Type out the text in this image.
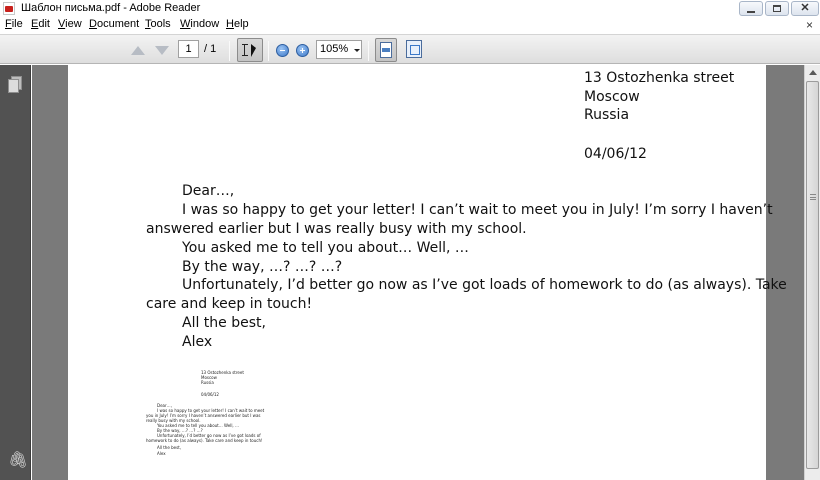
Шаблон письма.pdf - Adobe Reader	✕
File Edit View Document Tools Window Help	×
1	/ 1	105%
🖇
13 Ostozhenka street
Moscow
Russia
04/06/12
Dear…,
I was so happy to get your letter! I can’t wait to meet you in July! I’m sorry I haven’t
answered earlier but I was really busy with my school.
You asked me to tell you about… Well, …
By the way, …? …? …?
Unfortunately, I’d better go now as I’ve got loads of homework to do (as always). Take
care and keep in touch!
All the best,
Alex
13 Ostozhenka street
Moscow
Russia
04/06/12
Dear…,
I was so happy to get your letter! I can’t wait to meet
you in July! I’m sorry I haven’t answered earlier but I was
really busy with my school.
You asked me to tell you about… Well, …
By the way, …? …? …?
Unfortunately, I’d better go now as I’ve got loads of
homework to do (as always). Take care and keep in touch!
All the best,
Alex
